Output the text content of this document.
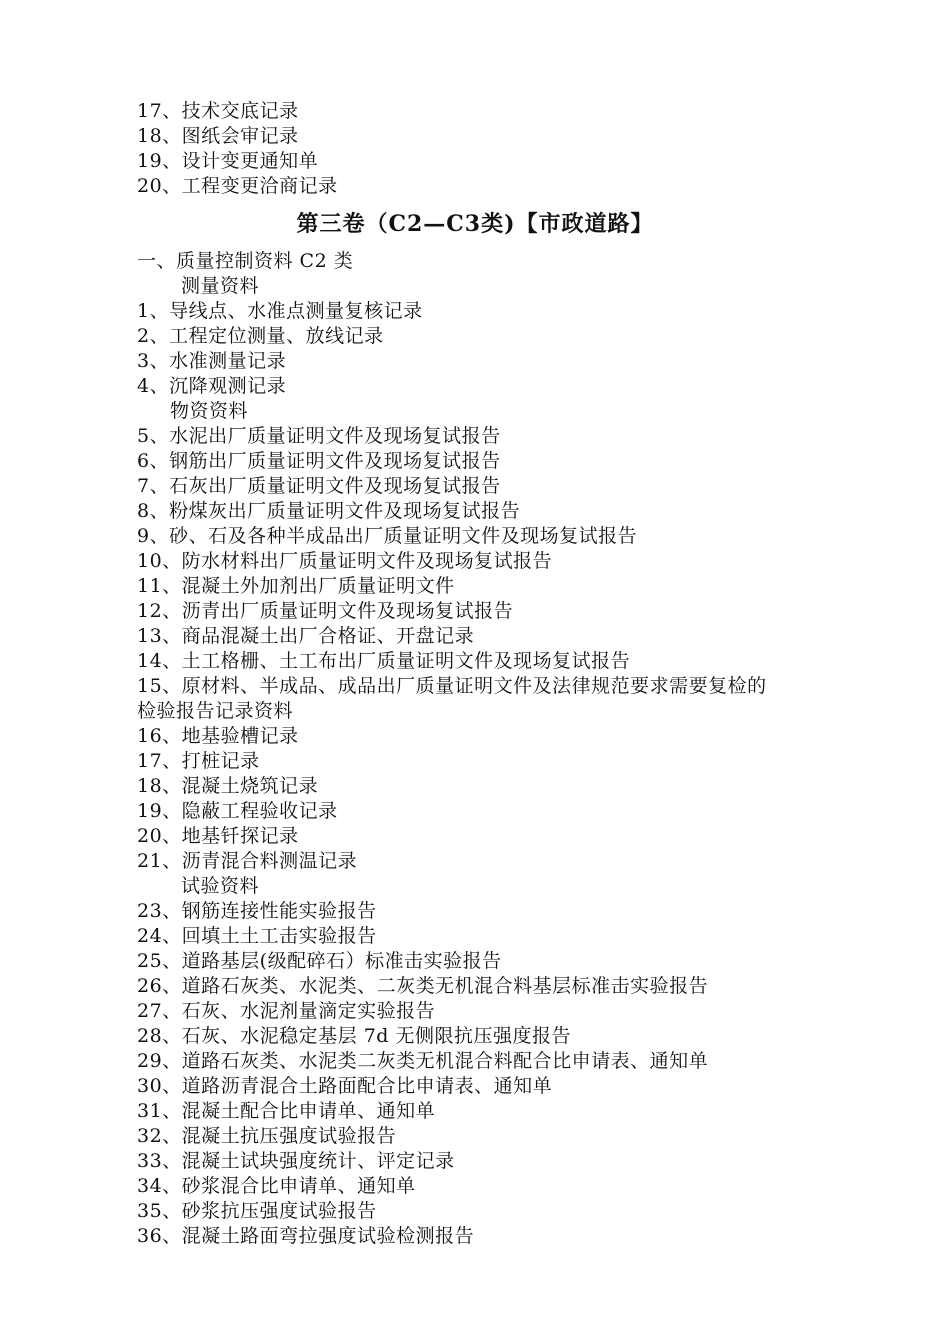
17、技术交底记录
18、图纸会审记录
19、设计变更通知单
20、工程变更洽商记录
第三卷（C2—C3类)【市政道路】
一、质量控制资料 C2 类
测量资料
1、导线点、水准点测量复核记录
2、工程定位测量、放线记录
3、水准测量记录
4、沉降观测记录
物资资料
5、水泥出厂质量证明文件及现场复试报告
6、钢筋出厂质量证明文件及现场复试报告
7、石灰出厂质量证明文件及现场复试报告
8、粉煤灰出厂质量证明文件及现场复试报告
9、砂、石及各种半成品出厂质量证明文件及现场复试报告
10、防水材料出厂质量证明文件及现场复试报告
11、混凝土外加剂出厂质量证明文件
12、沥青出厂质量证明文件及现场复试报告
13、商品混凝土出厂合格证、开盘记录
14、土工格栅、土工布出厂质量证明文件及现场复试报告
15、原材料、半成品、成品出厂质量证明文件及法律规范要求需要复检的
检验报告记录资料
16、地基验槽记录
17、打桩记录
18、混凝土烧筑记录
19、隐蔽工程验收记录
20、地基钎探记录
21、沥青混合料测温记录
试验资料
23、钢筋连接性能实验报告
24、回填土土工击实验报告
25、道路基层(级配碎石）标准击实验报告
26、道路石灰类、水泥类、二灰类无机混合料基层标准击实验报告
27、石灰、水泥剂量滴定实验报告
28、石灰、水泥稳定基层 7d 无侧限抗压强度报告
29、道路石灰类、水泥类二灰类无机混合料配合比申请表、通知单
30、道路沥青混合土路面配合比申请表、通知单
31、混凝土配合比申请单、通知单
32、混凝土抗压强度试验报告
33、混凝土试块强度统计、评定记录
34、砂浆混合比申请单、通知单
35、砂浆抗压强度试验报告
36、混凝土路面弯拉强度试验检测报告
